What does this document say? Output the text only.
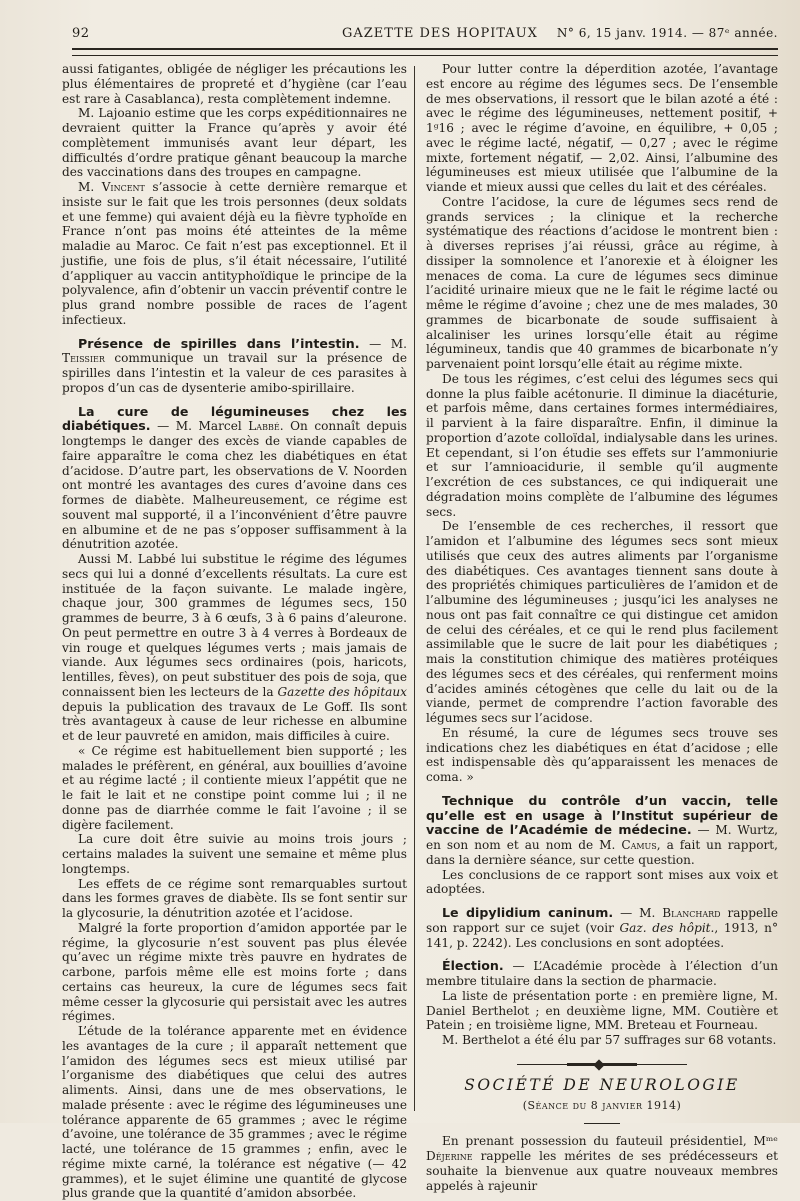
92	GAZETTE DES HOPITAUX N° 6, 15 janv. 1914. — 87ᵉ année.

aussi fatigantes, obligée de négliger les précautions les plus élémentaires de propreté et d’hygiène (car l’eau est rare à Casablanca), resta complètement indemne.

M. Lajoanio estime que les corps expéditionnaires ne devraient quitter la France qu’après y avoir été complètement immunisés avant leur départ, les difficultés d’ordre pratique gênant beaucoup la marche des vaccinations dans des troupes en campagne.

M. Vincent s’associe à cette dernière remarque et insiste sur le fait que les trois personnes (deux soldats et une femme) qui avaient déjà eu la fièvre typhoïde en France n’ont pas moins été atteintes de la même maladie au Maroc. Ce fait n’est pas exceptionnel. Et il justifie, une fois de plus, s’il était nécessaire, l’utilité d’appliquer au vaccin antityphoïdique le principe de la polyvalence, afin d’obtenir un vaccin préventif contre le plus grand nombre possible de races de l’agent infectieux.

Présence de spirilles dans l’intestin. — M. Teissier communique un travail sur la présence de spirilles dans l’intestin et la valeur de ces parasites à propos d’un cas de dysenterie amibo-spirillaire.

La cure de légumineuses chez les diabétiques. — M. Marcel Labbé. On connaît depuis longtemps le danger des excès de viande capables de faire apparaître le coma chez les diabétiques en état d’acidose. D’autre part, les observations de V. Noorden ont montré les avantages des cures d’avoine dans ces formes de diabète. Malheureusement, ce régime est souvent mal supporté, il a l’inconvénient d’être pauvre en albumine et de ne pas s’opposer suffisamment à la dénutrition azotée.

Aussi M. Labbé lui substitue le régime des légumes secs qui lui a donné d’excellents résultats. La cure est instituée de la façon suivante. Le malade ingère, chaque jour, 300 grammes de légumes secs, 150 grammes de beurre, 3 à 6 œufs, 3 à 6 pains d’aleurone. On peut permettre en outre 3 à 4 verres à Bordeaux de vin rouge et quelques légumes verts ; mais jamais de viande. Aux légumes secs ordinaires (pois, haricots, lentilles, fèves), on peut substituer des pois de soja, que connaissent bien les lecteurs de la Gazette des hôpitaux depuis la publication des travaux de Le Goff. Ils sont très avantageux à cause de leur richesse en albumine et de leur pauvreté en amidon, mais difficiles à cuire.

« Ce régime est habituellement bien supporté ; les malades le préfèrent, en général, aux bouillies d’avoine et au régime lacté ; il contiente mieux l’appétit que ne le fait le lait et ne constipe point comme lui ; il ne donne pas de diarrhée comme le fait l’avoine ; il se digère facilement.

La cure doit être suivie au moins trois jours ; certains malades la suivent une semaine et même plus longtemps.

Les effets de ce régime sont remarquables surtout dans les formes graves de diabète. Ils se font sentir sur la glycosurie, la dénutrition azotée et l’acidose.

Malgré la forte proportion d’amidon apportée par le régime, la glycosurie n’est souvent pas plus élevée qu’avec un régime mixte très pauvre en hydrates de carbone, parfois même elle est moins forte ; dans certains cas heureux, la cure de légumes secs fait même cesser la glycosurie qui persistait avec les autres régimes.

L’étude de la tolérance apparente met en évidence les avantages de la cure ; il apparaît nettement que l’amidon des légumes secs est mieux utilisé par l’organisme des diabétiques que celui des autres aliments. Ainsi, dans une de mes observations, le malade présente : avec le régime des légumineuses une tolérance apparente de 65 grammes ; avec le régime d’avoine, une tolérance de 35 grammes ; avec le régime lacté, une tolérance de 15 grammes ; enfin, avec le régime mixte carné, la tolérance est négative (— 42 grammes), et le sujet élimine une quantité de glycose plus grande que la quantité d’amidon absorbée.

Pour lutter contre la déperdition azotée, l’avantage est encore au régime des légumes secs. De l’ensemble de mes observations, il ressort que le bilan azoté a été : avec le régime des légumineuses, nettement positif, + 1ᵍ16 ; avec le régime d’avoine, en équilibre, + 0,05 ; avec le régime lacté, négatif, — 0,27 ; avec le régime mixte, fortement négatif, — 2,02. Ainsi, l’albumine des légumineuses est mieux utilisée que l’albumine de la viande et mieux aussi que celles du lait et des céréales.

Contre l’acidose, la cure de légumes secs rend de grands services ; la clinique et la recherche systématique des réactions d’acidose le montrent bien : à diverses reprises j’ai réussi, grâce au régime, à dissiper la somnolence et l’anorexie et à éloigner les menaces de coma. La cure de légumes secs diminue l’acidité urinaire mieux que ne le fait le régime lacté ou même le régime d’avoine ; chez une de mes malades, 30 grammes de bicarbonate de soude suffisaient à alcaliniser les urines lorsqu’elle était au régime légumineux, tandis que 40 grammes de bicarbonate n’y parvenaient point lorsqu’elle était au régime mixte.

De tous les régimes, c’est celui des légumes secs qui donne la plus faible acétonurie. Il diminue la diacéturie, et parfois même, dans certaines formes intermédiaires, il parvient à la faire disparaître. Enfin, il diminue la proportion d’azote colloïdal, indialysable dans les urines. Et cependant, si l’on étudie ses effets sur l’ammoniurie et sur l’amnioacidurie, il semble qu’il augmente l’excrétion de ces substances, ce qui indiquerait une dégradation moins complète de l’albumine des légumes secs.

De l’ensemble de ces recherches, il ressort que l’amidon et l’albumine des légumes secs sont mieux utilisés que ceux des autres aliments par l’organisme des diabétiques. Ces avantages tiennent sans doute à des propriétés chimiques particulières de l’amidon et de l’albumine des légumineuses ; jusqu’ici les analyses ne nous ont pas fait connaître ce qui distingue cet amidon de celui des céréales, et ce qui le rend plus facilement assimilable que le sucre de lait pour les diabétiques ; mais la constitution chimique des matières protéiques des légumes secs et des céréales, qui renferment moins d’acides aminés cétogènes que celle du lait ou de la viande, permet de comprendre l’action favorable des légumes secs sur l’acidose.

En résumé, la cure de légumes secs trouve ses indications chez les diabétiques en état d’acidose ; elle est indispensable dès qu’apparaissent les menaces de coma. »

Technique du contrôle d’un vaccin, telle qu’elle est en usage à l’Institut supérieur de vaccine de l’Académie de médecine. — M. Wurtz, en son nom et au nom de M. Camus, a fait un rapport, dans la dernière séance, sur cette question.

Les conclusions de ce rapport sont mises aux voix et adoptées.

Le dipylidium caninum. — M. Blanchard rappelle son rapport sur ce sujet (voir Gaz. des hôpit., 1913, n° 141, p. 2242). Les conclusions en sont adoptées.

Élection. — L’Académie procède à l’élection d’un membre titulaire dans la section de pharmacie.

La liste de présentation porte : en première ligne, M. Daniel Berthelot ; en deuxième ligne, MM. Coutière et Patein ; en troisième ligne, MM. Breteau et Fourneau.

M. Berthelot a été élu par 57 suffrages sur 68 votants.

SOCIÉTÉ DE NEUROLOGIE
(Séance du 8 janvier 1914)

En prenant possession du fauteuil présidentiel, Mᵐᵉ Déjerine rappelle les mérites de ses prédécesseurs et souhaite la bienvenue aux quatre nouveaux membres appelés à rajeunir
